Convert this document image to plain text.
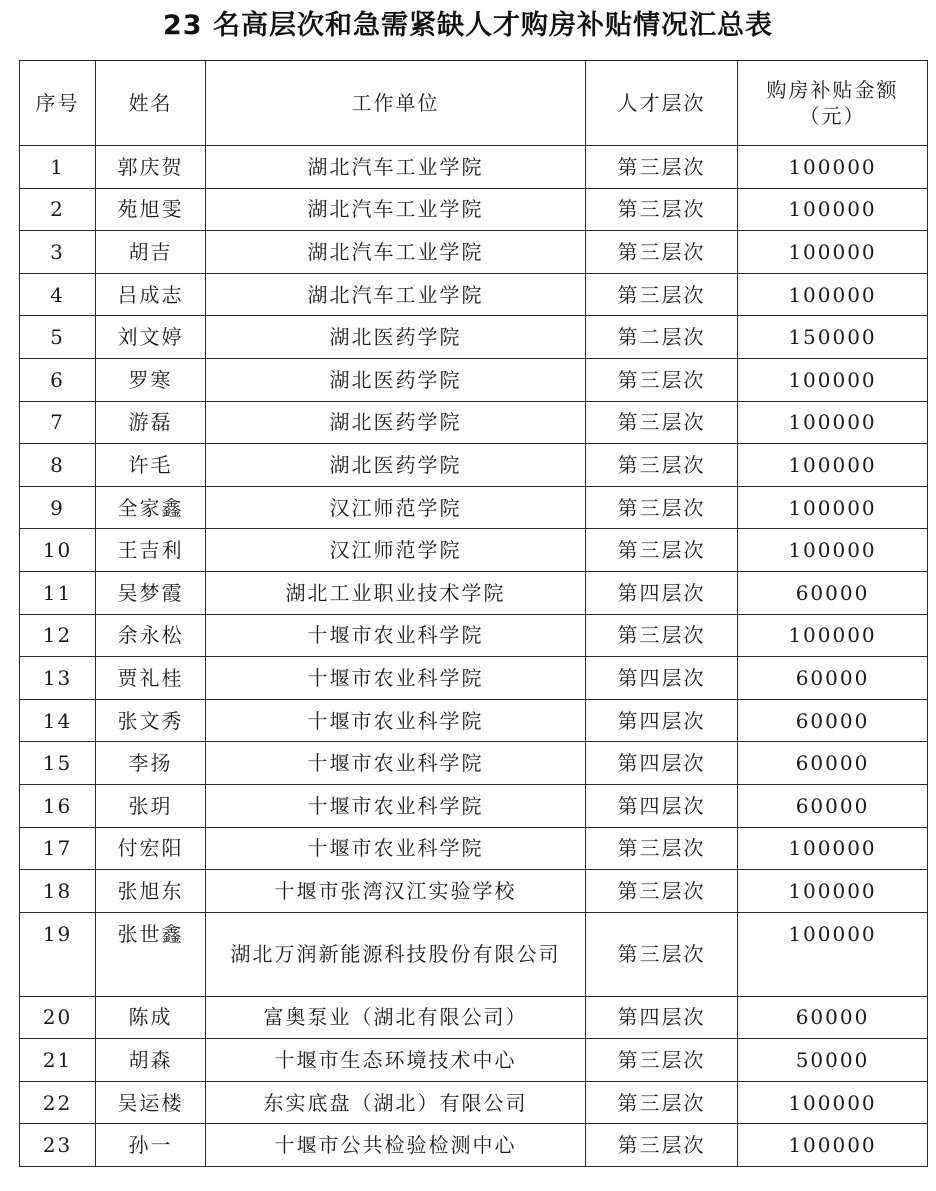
23 名高层次和急需紧缺人才购房补贴情况汇总表
序号	姓名	工作单位	人才层次	购房补贴金额
（元）

1	郭庆贺	湖北汽车工业学院	第三层次	100000
2	苑旭雯	湖北汽车工业学院	第三层次	100000
3	胡吉	湖北汽车工业学院	第三层次	100000
4	吕成志	湖北汽车工业学院	第三层次	100000
5	刘文婷	湖北医药学院	第二层次	150000
6	罗寒	湖北医药学院	第三层次	100000
7	游磊	湖北医药学院	第三层次	100000
8	许毛	湖北医药学院	第三层次	100000
9	全家鑫	汉江师范学院	第三层次	100000
10	王吉利	汉江师范学院	第三层次	100000
11	吴梦霞	湖北工业职业技术学院	第四层次	60000
12	余永松	十堰市农业科学院	第三层次	100000
13	贾礼桂	十堰市农业科学院	第四层次	60000
14	张文秀	十堰市农业科学院	第四层次	60000
15	李扬	十堰市农业科学院	第四层次	60000
16	张玥	十堰市农业科学院	第四层次	60000
17	付宏阳	十堰市农业科学院	第三层次	100000
18	张旭东	十堰市张湾汉江实验学校	第三层次	100000
19	张世鑫	湖北万润新能源科技股份有限公司	第三层次	100000
20	陈成	富奥泵业（湖北有限公司）	第四层次	60000
21	胡森	十堰市生态环境技术中心	第三层次	50000
22	吴运楼	东实底盘（湖北）有限公司	第三层次	100000
23	孙一	十堰市公共检验检测中心	第三层次	100000
